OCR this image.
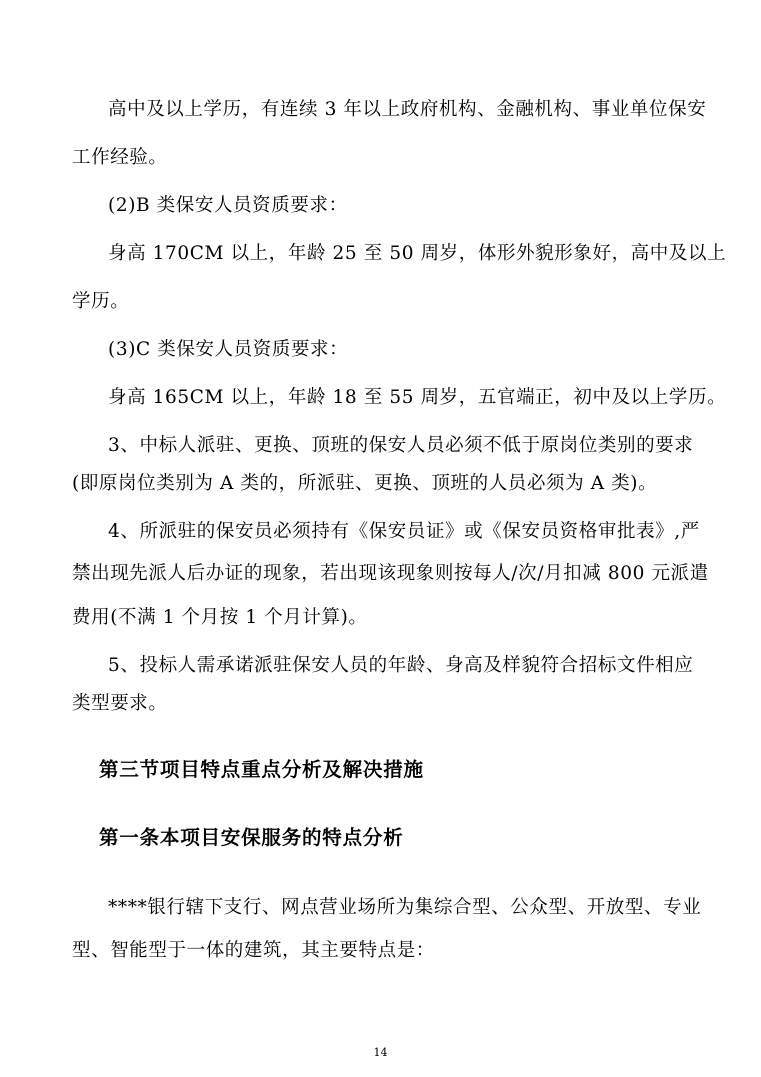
高中及以上学历，有连续 3 年以上政府机构、金融机构、事业单位保安
工作经验。
(2)B 类保安人员资质要求：
身高 170CM 以上，年龄 25 至 50 周岁，体形外貌形象好，高中及以上
学历。
(3)C 类保安人员资质要求：
身高 165CM 以上，年龄 18 至 55 周岁，五官端正，初中及以上学历。
3、中标人派驻、更换、顶班的保安人员必须不低于原岗位类别的要求
(即原岗位类别为 A 类的，所派驻、更换、顶班的人员必须为 A 类)。
4、所派驻的保安员必须持有《保安员证》或《保安员资格审批表》,严
禁出现先派人后办证的现象，若出现该现象则按每人/次/月扣减 800 元派遣
费用(不满 1 个月按 1 个月计算)。
5、投标人需承诺派驻保安人员的年龄、身高及样貌符合招标文件相应
类型要求。
第三节项目特点重点分析及解决措施
第一条本项目安保服务的特点分析
****银行辖下支行、网点营业场所为集综合型、公众型、开放型、专业
型、智能型于一体的建筑，其主要特点是：
14
